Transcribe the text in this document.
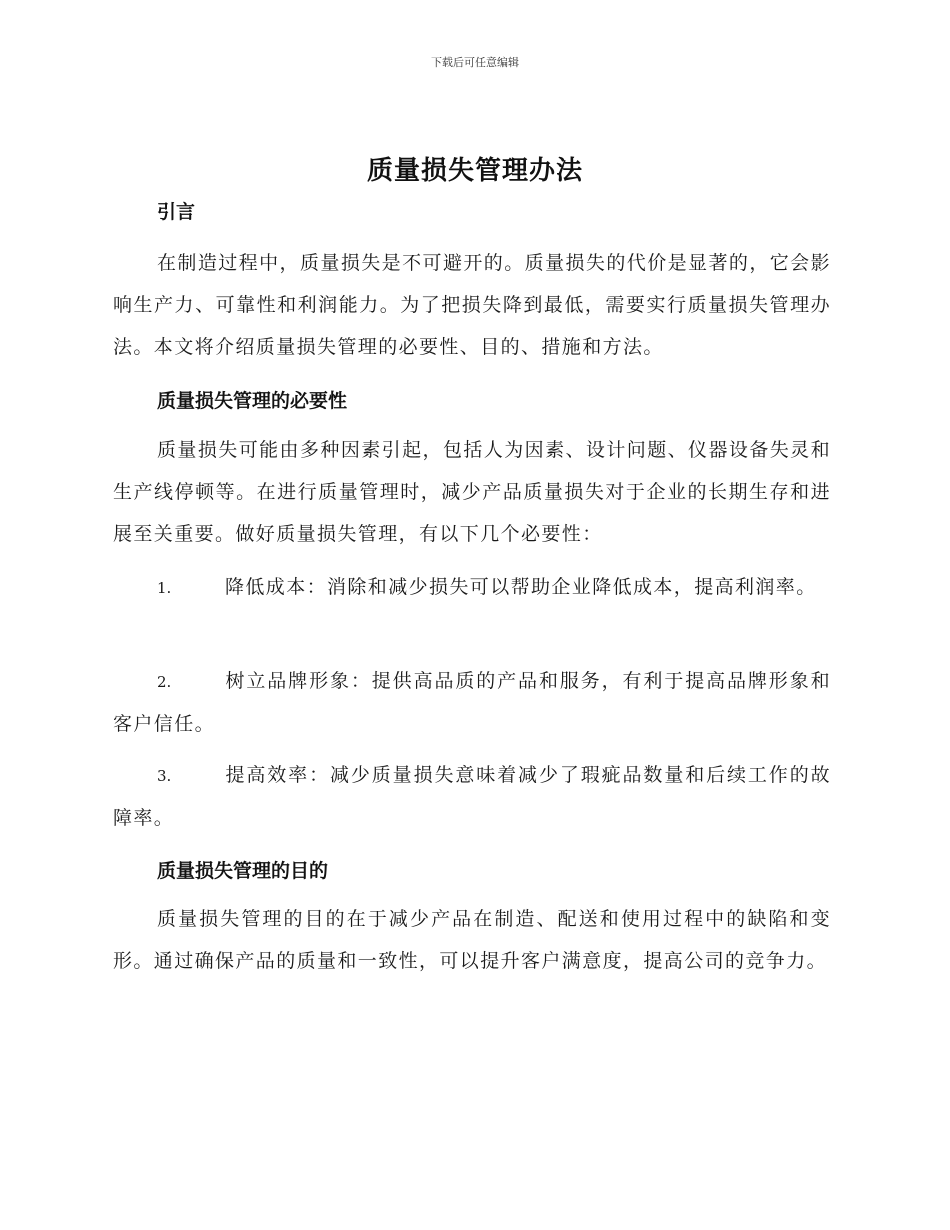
下载后可任意编辑
质量损失管理办法
引言
在制造过程中，质量损失是不可避开的。质量损失的代价是显著的，它会影响生产力、可靠性和利润能力。为了把损失降到最低，需要实行质量损失管理办法。本文将介绍质量损失管理的必要性、目的、措施和方法。
质量损失管理的必要性
质量损失可能由多种因素引起，包括人为因素、设计问题、仪器设备失灵和生产线停顿等。在进行质量管理时，减少产品质量损失对于企业的长期生存和进展至关重要。做好质量损失管理，有以下几个必要性：
1.	降低成本：消除和减少损失可以帮助企业降低成本，提高利润率。
2.	树立品牌形象：提供高品质的产品和服务，有利于提高品牌形象和客户信任。
3.	提高效率：减少质量损失意味着减少了瑕疵品数量和后续工作的故障率。
质量损失管理的目的
质量损失管理的目的在于减少产品在制造、配送和使用过程中的缺陷和变形。通过确保产品的质量和一致性，可以提升客户满意度，提高公司的竞争力。
